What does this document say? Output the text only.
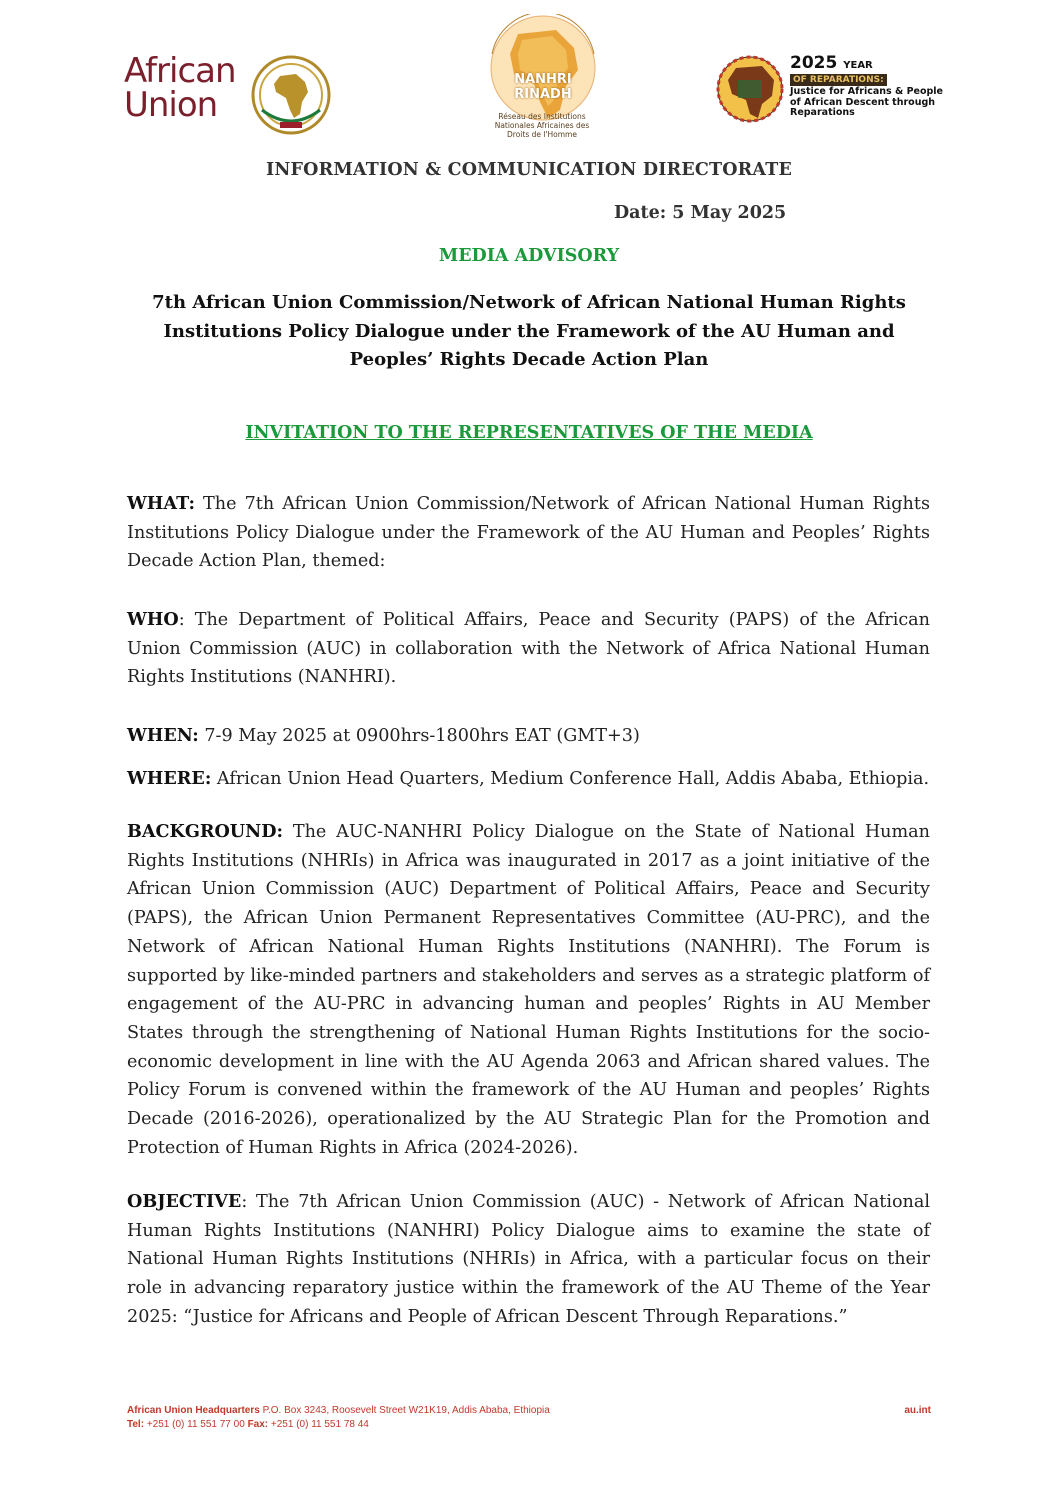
African
Union
NANHRI
RINADH
Réseau des Institutions Nationales Africaines des Droits de l'Homme
2025 YEAR
OF REPARATIONS:
Justice for Africans & People of African Descent through Reparations
INFORMATION & COMMUNICATION DIRECTORATE
Date: 5 May 2025
MEDIA ADVISORY
7th African Union Commission/Network of African National Human Rights Institutions Policy Dialogue under the Framework of the AU Human and Peoples’ Rights Decade Action Plan
INVITATION TO THE REPRESENTATIVES OF THE MEDIA

WHAT: The 7th African Union Commission/Network of African National Human Rights Institutions Policy Dialogue under the Framework of the AU Human and Peoples’ Rights Decade Action Plan, themed:

WHO: The Department of Political Affairs, Peace and Security (PAPS) of the African Union Commission (AUC) in collaboration with the Network of Africa National Human Rights Institutions (NANHRI).

WHEN: 7-9 May 2025 at 0900hrs-1800hrs EAT (GMT+3)

WHERE: African Union Head Quarters, Medium Conference Hall, Addis Ababa, Ethiopia.

BACKGROUND: The AUC-NANHRI Policy Dialogue on the State of National Human Rights Institutions (NHRIs) in Africa was inaugurated in 2017 as a joint initiative of the African Union Commission (AUC) Department of Political Affairs, Peace and Security (PAPS), the African Union Permanent Representatives Committee (AU-PRC), and the Network of African National Human Rights Institutions (NANHRI). The Forum is supported by like-minded partners and stakeholders and serves as a strategic platform of engagement of the AU-PRC in advancing human and peoples’ Rights in AU Member States through the strengthening of National Human Rights Institutions for the socio-economic development in line with the AU Agenda 2063 and African shared values. The Policy Forum is convened within the framework of the AU Human and peoples’ Rights Decade (2016-2026), operationalized by the AU Strategic Plan for the Promotion and Protection of Human Rights in Africa (2024-2026).

OBJECTIVE: The 7th African Union Commission (AUC) - Network of African National Human Rights Institutions (NANHRI) Policy Dialogue aims to examine the state of National Human Rights Institutions (NHRIs) in Africa, with a particular focus on their role in advancing reparatory justice within the framework of the AU Theme of the Year 2025: “Justice for Africans and People of African Descent Through Reparations.”

African Union Headquarters P.O. Box 3243, Roosevelt Street W21K19, Addis Ababa, Ethiopia
Tel: +251 (0) 11 551 77 00 Fax: +251 (0) 11 551 78 44
au.int
